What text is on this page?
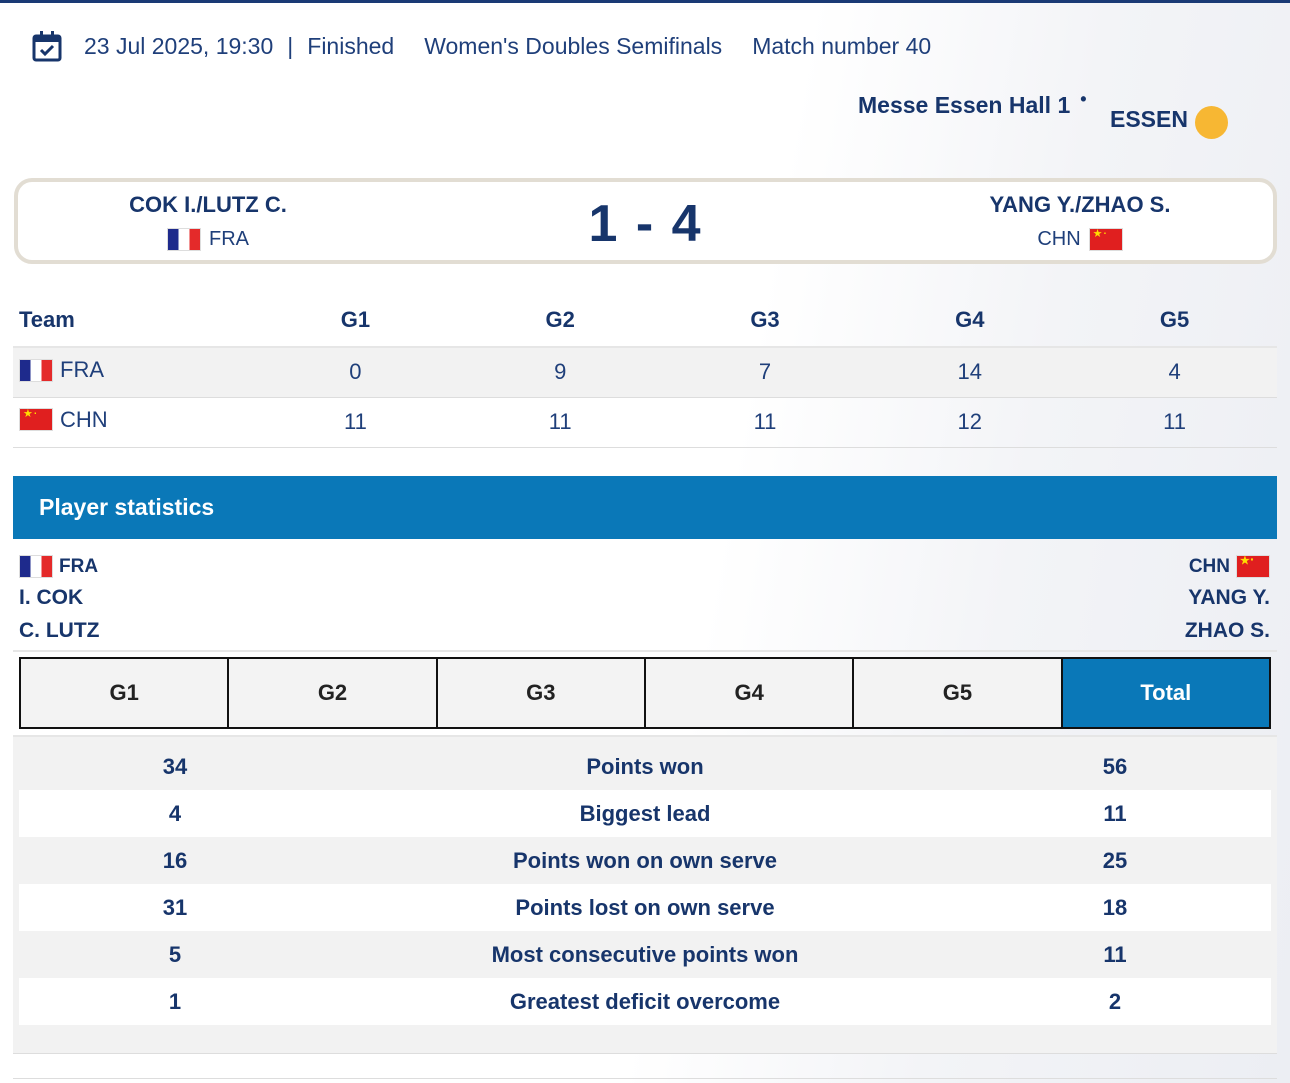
23 Jul 2025, 19:30 | Finished Women's Doubles Semifinals Match number 40
Messe Essen Hall 1 •
ESSEN
COK I./LUTZ C.
FRA	1 - 4	YANG Y./ZHAO S.
CHN
★ ·
Team	G1	G2	G3	G4	G5

FRA	0	9	7	14	4

★ ·
CHN	11	11	11	12	11
Player statistics
FRA
I. COK
C. LUTZ
CHN
★ ·
YANG Y.
ZHAO S.
G1	G2	G3	G4	G5	Total
34	Points won	56
4	Biggest lead	11
16	Points won on own serve	25
31	Points lost on own serve	18
5	Most consecutive points won	11
1	Greatest deficit overcome	2
